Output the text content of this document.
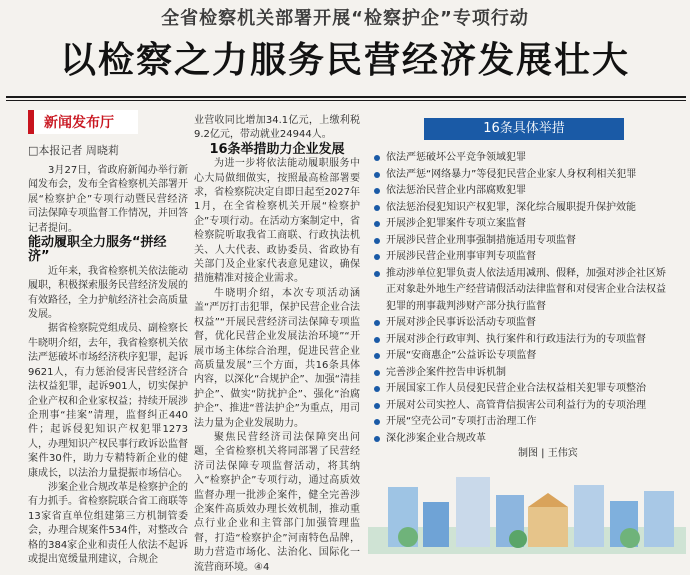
全省检察机关部署开展“检察护企”专项行动
以检察之力服务民营经济发展壮大
新闻发布厅
□本报记者 周晓莉

3月27日，省政府新闻办举行新闻发布会，发布全省检察机关部署开展“检察护企”专项行动暨民营经济司法保障专项监督工作情况，并回答记者提问。

能动履职全力服务“拼经济”

近年来，我省检察机关依法能动履职，积极探索服务民营经济发展的有效路径，全力护航经济社会高质量发展。

据省检察院党组成员、副检察长牛晓明介绍，去年，我省检察机关依法严惩破坏市场经济秩序犯罪，起诉9621人，有力惩治侵害民营经济合法权益犯罪，起诉901人，切实保护企业产权和企业家权益；持续开展涉企刑事“挂案”清理，监督纠正440件；起诉侵犯知识产权犯罪1273人，办理知识产权民事行政诉讼监督案件30件，助力专精特新企业的健康成长，以法治力量提振市场信心。

涉案企业合规改革是检察护企的有力抓手。省检察院联合省工商联等13家省直单位组建第三方机制管委会，办理合规案件534件，对整改合格的384家企业和责任人依法不起诉或提出宽缓量刑建议，合规企

业营收同比增加34.1亿元，上缴利税9.2亿元，带动就业24944人。

16条举措助力企业发展

为进一步将依法能动履职服务中心大局做细做实，按照最高检部署要求，省检察院决定自即日起至2027年1月，在全省检察机关开展“检察护企”专项行动。在活动方案制定中，省检察院听取我省工商联、行政执法机关、人大代表、政协委员、省政协有关部门及企业家代表意见建议，确保措施精准对接企业需求。

牛晓明介绍，本次专项活动涵盖“严厉打击犯罪，保护民营企业合法权益”“开展民营经济司法保障专项监督，优化民营企业发展法治环境”“开展市场主体综合治理，促进民营企业高质量发展”三个方面，共16条具体内容，以深化“合规护企”、加强“清挂护企”、做实“防扰护企”、强化“治腐护企”、推进“普法护企”为重点，用司法力量为企业发展助力。

聚焦民营经济司法保障突出问题，全省检察机关将同部署了民营经济司法保障专项监督活动，将其纳入“检察护企”专项行动，通过高质效监督办理一批涉企案件，健全完善涉企案件高质效办理长效机制，推动重点行业企业和主管部门加强管理监督，打造“检察护企”河南特色品牌，助力营造市场化、法治化、国际化一流营商环境。④4

16条具体举措
依法严惩破坏公平竞争领域犯罪
依法严惩“网络暴力”等侵犯民营企业家人身权利相关犯罪
依法惩治民营企业内部腐败犯罪
依法惩治侵犯知识产权犯罪，深化综合履职提升保护效能
开展涉企犯罪案件专项立案监督
开展涉民营企业刑事强制措施适用专项监督
开展涉民营企业刑事审判专项监督
推动涉单位犯罪负责人依法适用减刑、假释，加强对涉企社区矫正对象赴外地生产经营请假活动法律监督和对侵害企业合法权益犯罪的刑事裁判涉财产部分执行监督
开展对涉企民事诉讼活动专项监督
开展对涉企行政审判、执行案件和行政违法行为的专项监督
开展“安商惠企”公益诉讼专项监督
完善涉企案件控告申诉机制
开展国家工作人员侵犯民营企业合法权益相关犯罪专项整治
开展对公司实控人、高管背信损害公司利益行为的专项治理
开展“空壳公司”专项打击治理工作
深化涉案企业合规改革
制图 | 王伟宾
